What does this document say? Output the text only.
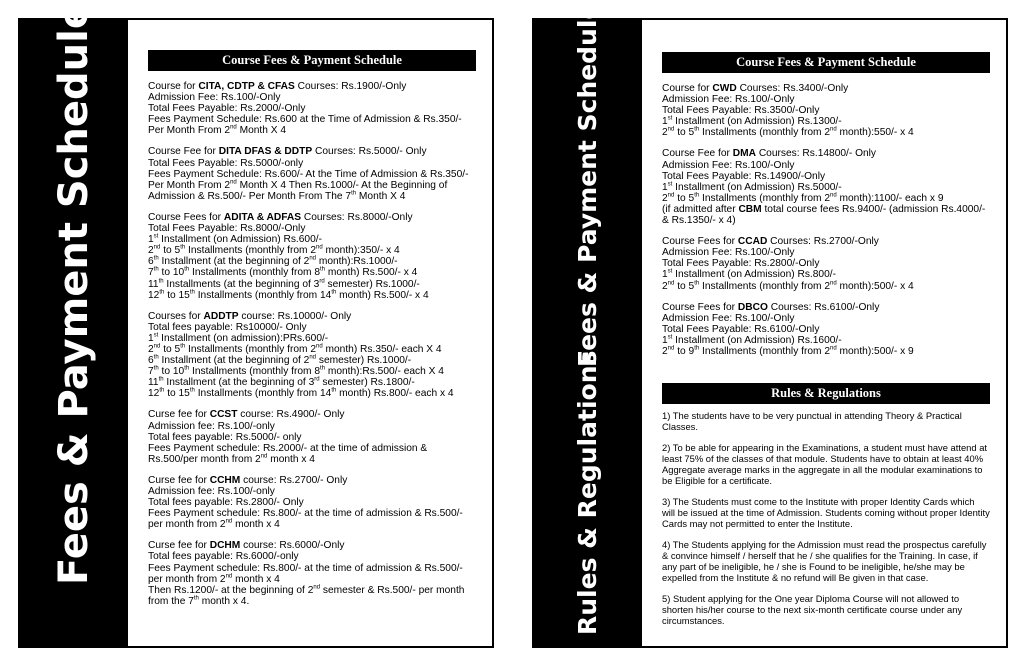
Fees & Payment Schedule	Course Fees & Payment Schedule
Course for CITA, CDTP & CFAS Courses: Rs.1900/-Only
Admission Fee: Rs.100/-Only
Total Fees Payable: Rs.2000/-Only
Fees Payment Schedule: Rs.600 at the Time of Admission & Rs.350/-
Per Month From 2nd Month X 4
Course Fee for DITA DFAS & DDTP Courses: Rs.5000/- Only
Total Fees Payable: Rs.5000/-only
Fees Payment Schedule: Rs.600/- At the Time of Admission & Rs.350/-
Per Month From 2nd Month X 4 Then Rs.1000/- At the Beginning of
Admission & Rs.500/- Per Month From The 7th Month X 4
Course Fees for ADITA & ADFAS Courses: Rs.8000/-Only
Total Fees Payable: Rs.8000/-Only
1st Installment (on Admission) Rs.600/-
2nd to 5th Installments (monthly from 2nd month):350/- x 4
6th Installment (at the beginning of 2nd month):Rs.1000/-
7th to 10th Installments (monthly from 8th month) Rs.500/- x 4
11th Installments (at the beginning of 3rd semester) Rs.1000/-
12th to 15th Installments (monthly from 14th month) Rs.500/- x 4
Courses for ADDTP course: Rs.10000/- Only
Total fees payable: Rs10000/- Only
1st Installment (on admission):PRs.600/-
2nd to 5th Installments (monthly from 2nd month) Rs.350/- each X 4
6th Installment (at the beginning of 2nd semester) Rs.1000/-
7th to 10th Installments (monthly from 8th month):Rs.500/- each X 4
11th Installment (at the beginning of 3rd semester) Rs.1800/-
12th to 15th Installments (monthly from 14th month) Rs.800/- each x 4
Curse fee for CCST course: Rs.4900/- Only
Admission fee: Rs.100/-only
Total fees payable: Rs.5000/- only
Fees Payment schedule: Rs.2000/- at the time of admission &
Rs.500/per month from 2nd month x 4
Curse fee for CCHM course: Rs.2700/- Only
Admission fee: Rs.100/-only
Total fees payable: Rs.2800/- Only
Fees Payment schedule: Rs.800/- at the time of admission & Rs.500/-
per month from 2nd month x 4
Curse fee for DCHM course: Rs.6000/-Only
Total fees payable: Rs.6000/-only
Fees Payment schedule: Rs.800/- at the time of admission & Rs.500/-
per month from 2nd month x 4
Then Rs.1200/- at the beginning of 2nd semester & Rs.500/- per month
from the 7th month x 4.
Fees & Payment Schedule
Rules & Regulations
Course Fees & Payment Schedule
Course for CWD Courses: Rs.3400/-Only
Admission Fee: Rs.100/-Only
Total Fees Payable: Rs.3500/-Only
1st Installment (on Admission) Rs.1300/-
2nd to 5th Installments (monthly from 2nd month):550/- x 4
Course Fee for DMA Courses: Rs.14800/- Only
Admission Fee: Rs.100/-Only
Total Fees Payable: Rs.14900/-Only
1st Installment (on Admission) Rs.5000/-
2nd to 5th Installments (monthly from 2nd month):1100/- each x 9
(if admitted after CBM total course fees Rs.9400/- (admission Rs.4000/-
& Rs.1350/- x 4)
Course Fees for CCAD Courses: Rs.2700/-Only
Admission Fee: Rs.100/-Only
Total Fees Payable: Rs.2800/-Only
1st Installment (on Admission) Rs.800/-
2nd to 5th Installments (monthly from 2nd month):500/- x 4
Course Fees for DBCO Courses: Rs.6100/-Only
Admission Fee: Rs.100/-Only
Total Fees Payable: Rs.6100/-Only
1st Installment (on Admission) Rs.1600/-
2nd to 9th Installments (monthly from 2nd month):500/- x 9
Rules & Regulations
1) The students have to be very punctual in attending Theory & Practical Classes.
2) To be able for appearing in the Examinations, a student must have attend at least 75% of the classes of that module. Students have to obtain at least 40% Aggregate average marks in the aggregate in all the modular examinations to be Eligible for a certificate.
3) The Students must come to the Institute with proper Identity Cards which will be issued at the time of Admission. Students coming without proper Identity Cards may not permitted to enter the Institute.
4) The Students applying for the Admission must read the prospectus carefully & convince himself / herself that he / she qualifies for the Training. In case, if any part of be ineligible, he / she is Found to be ineligible, he/she may be expelled from the Institute & no refund will Be given in that case.
5) Student applying for the One year Diploma Course will not allowed to shorten his/her course to the next six-month certificate course under any circumstances.
